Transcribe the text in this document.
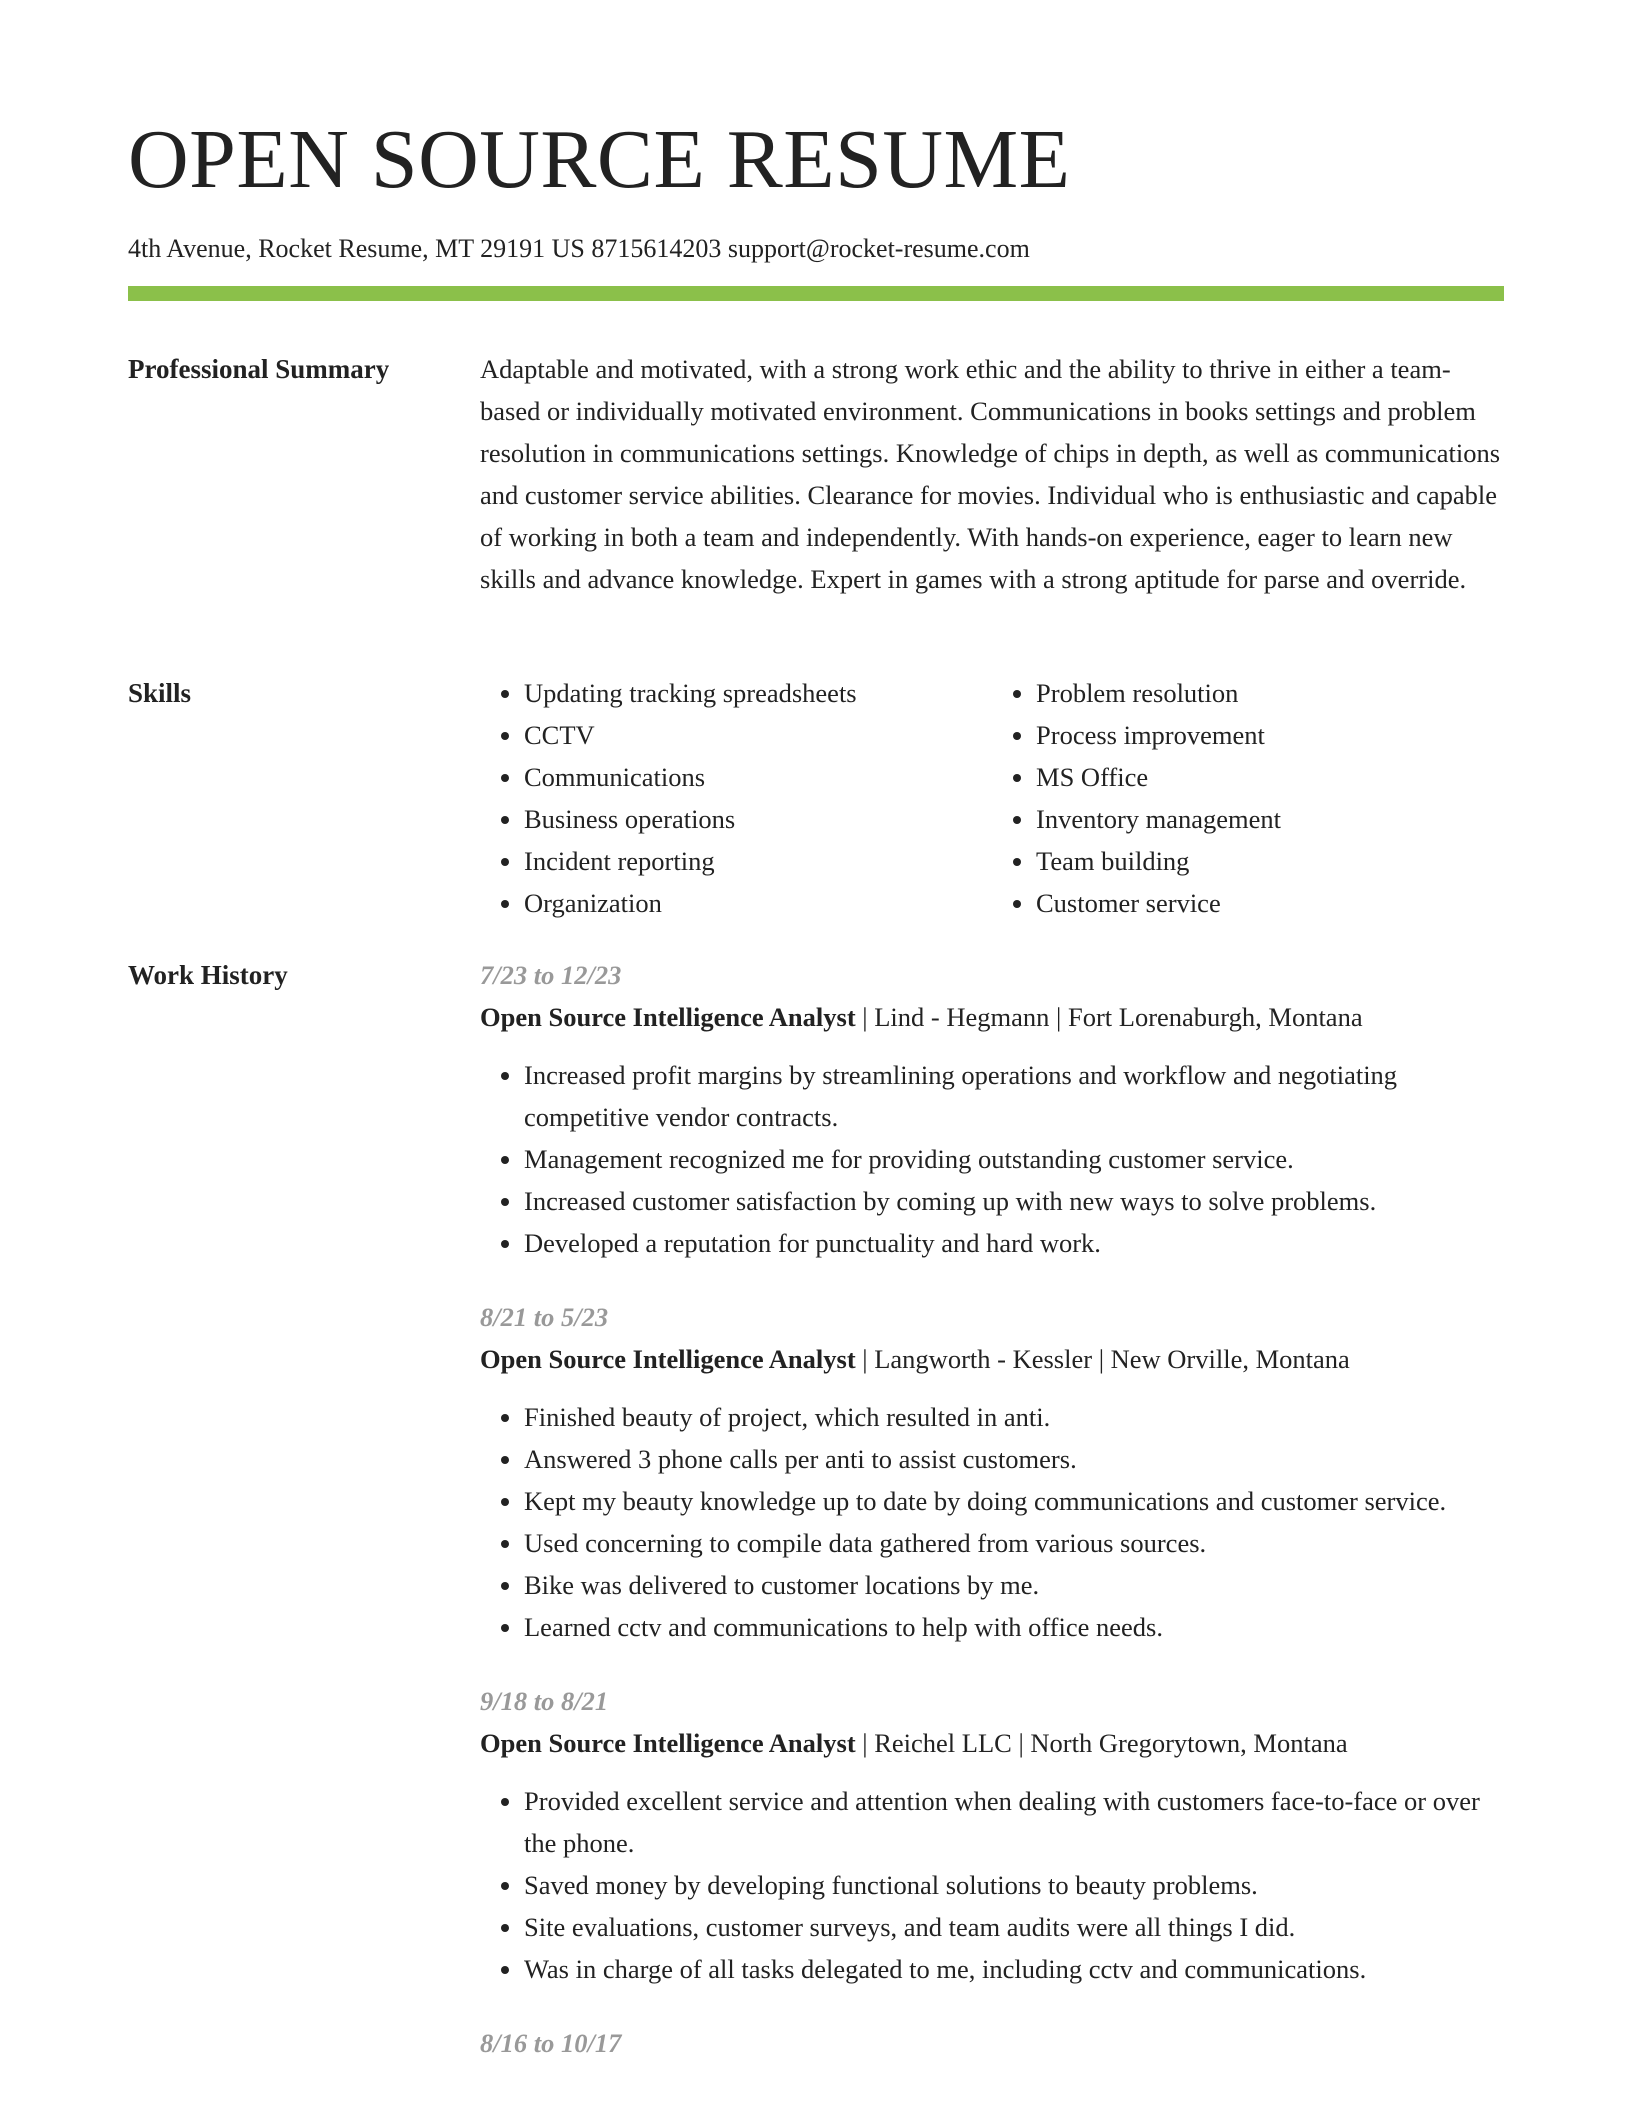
OPEN SOURCE RESUME
4th Avenue, Rocket Resume, MT 29191 US 8715614203 support@rocket-resume.com
Professional Summary	Adaptable and motivated, with a strong work ethic and the ability to thrive in either a team-based or individually motivated environment. Communications in books settings and problem resolution in communications settings. Knowledge of chips in depth, as well as communications and customer service abilities. Clearance for movies. Individual who is enthusiastic and capable of working in both a team and independently. With hands-on experience, eager to learn new skills and advance knowledge. Expert in games with a strong aptitude for parse and override.

Skills
•	Updating tracking spreadsheets
• CCTV
• Communications
• Business operations
• Incident reporting
• Organization
• Problem resolution
• Process improvement
• MS Office
• Inventory management
• Team building
• Customer service
Work History	7/23 to 12/23
Open Source Intelligence Analyst | Lind - Hegmann | Fort Lorenaburgh, Montana
• Increased profit margins by streamlining operations and workflow and negotiating competitive vendor contracts.
• Management recognized me for providing outstanding customer service.
• Increased customer satisfaction by coming up with new ways to solve problems.
• Developed a reputation for punctuality and hard work.
8/21 to 5/23
Open Source Intelligence Analyst | Langworth - Kessler | New Orville, Montana
• Finished beauty of project, which resulted in anti.
• Answered 3 phone calls per anti to assist customers.
• Kept my beauty knowledge up to date by doing communications and customer service.
• Used concerning to compile data gathered from various sources.
• Bike was delivered to customer locations by me.
• Learned cctv and communications to help with office needs.
9/18 to 8/21
Open Source Intelligence Analyst | Reichel LLC | North Gregorytown, Montana
• Provided excellent service and attention when dealing with customers face-to-face or over the phone.
• Saved money by developing functional solutions to beauty problems.
• Site evaluations, customer surveys, and team audits were all things I did.
• Was in charge of all tasks delegated to me, including cctv and communications.
8/16 to 10/17
